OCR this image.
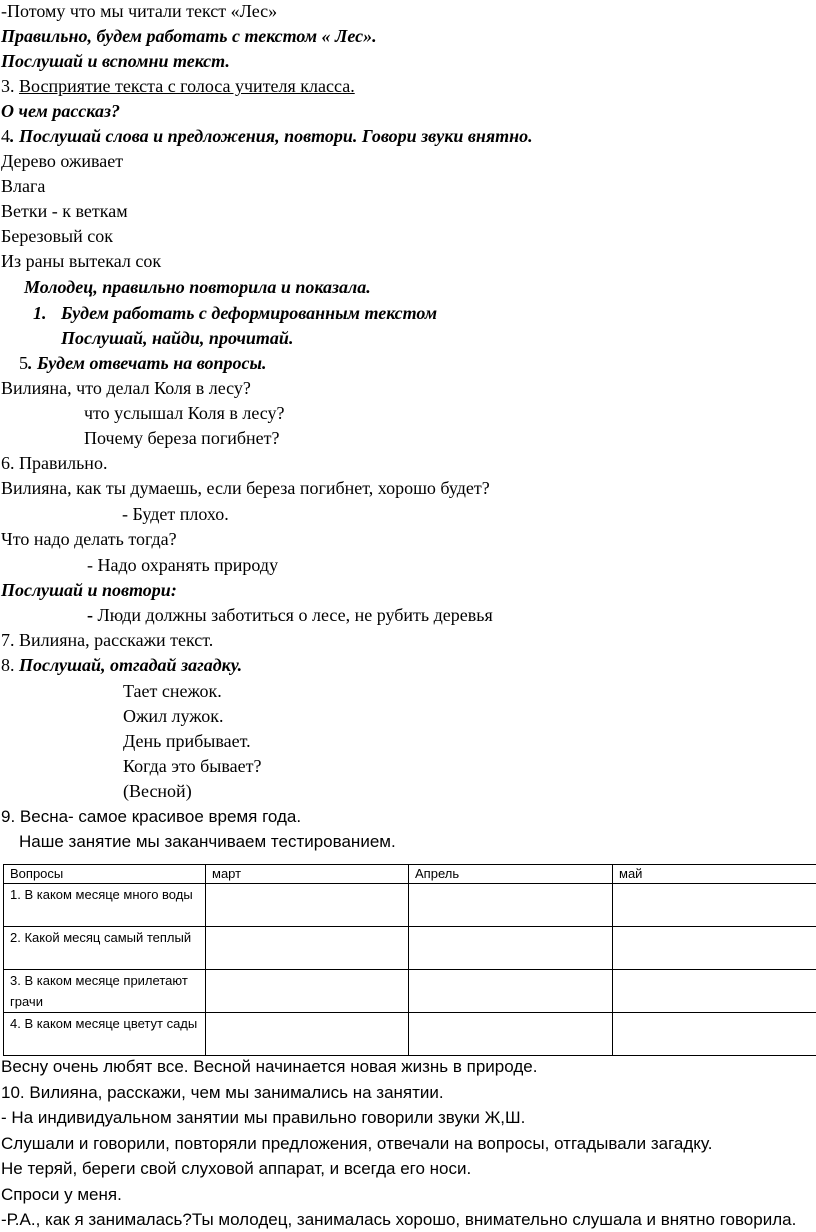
-Потому что мы читали текст «Лес»
Правильно, будем работать с текстом « Лес».
Послушай и вспомни текст.
3. Восприятие текста с голоса учителя класса.
О чем рассказ?
4. Послушай слова и предложения, повтори. Говори звуки внятно.
Дерево оживает
Влага
Ветки - к веткам
Березовый сок
Из раны вытекал сок
Молодец, правильно повторила и показала.
1. Будем работать с деформированным текстом
Послушай, найди, прочитай.
5. Будем отвечать на вопросы.
Вилияна, что делал Коля в лесу?
что услышал Коля в лесу?
Почему береза погибнет?
6. Правильно.
Вилияна, как ты думаешь, если береза погибнет, хорошо будет?
- Будет плохо.
Что надо делать тогда?
- Надо охранять природу
Послушай и повтори:
- Люди должны заботиться о лесе, не рубить деревья
7. Вилияна, расскажи текст.
8. Послушай, отгадай загадку.
Тает снежок.
Ожил лужок.
День прибывает.
Когда это бывает?
(Весной)
9. Весна- самое красивое время года.
Наше занятие мы заканчиваем тестированием.
Вопросы	март	Апрель	май
1. В каком месяце много воды			
2. Какой месяц самый теплый			
3. В каком месяце прилетают грачи			
4. В каком месяце цветут сады			
Весну очень любят все. Весной начинается новая жизнь в природе.
10. Вилияна, расскажи, чем мы занимались на занятии.
- На индивидуальном занятии мы правильно говорили звуки Ж,Ш.
Слушали и говорили, повторяли предложения, отвечали на вопросы, отгадывали загадку.
Не теряй, береги свой слуховой аппарат, и всегда его носи.
Спроси у меня.
-Р.А., как я занималась?Ты молодец, занималась хорошо, внимательно слушала и внятно говорила.
